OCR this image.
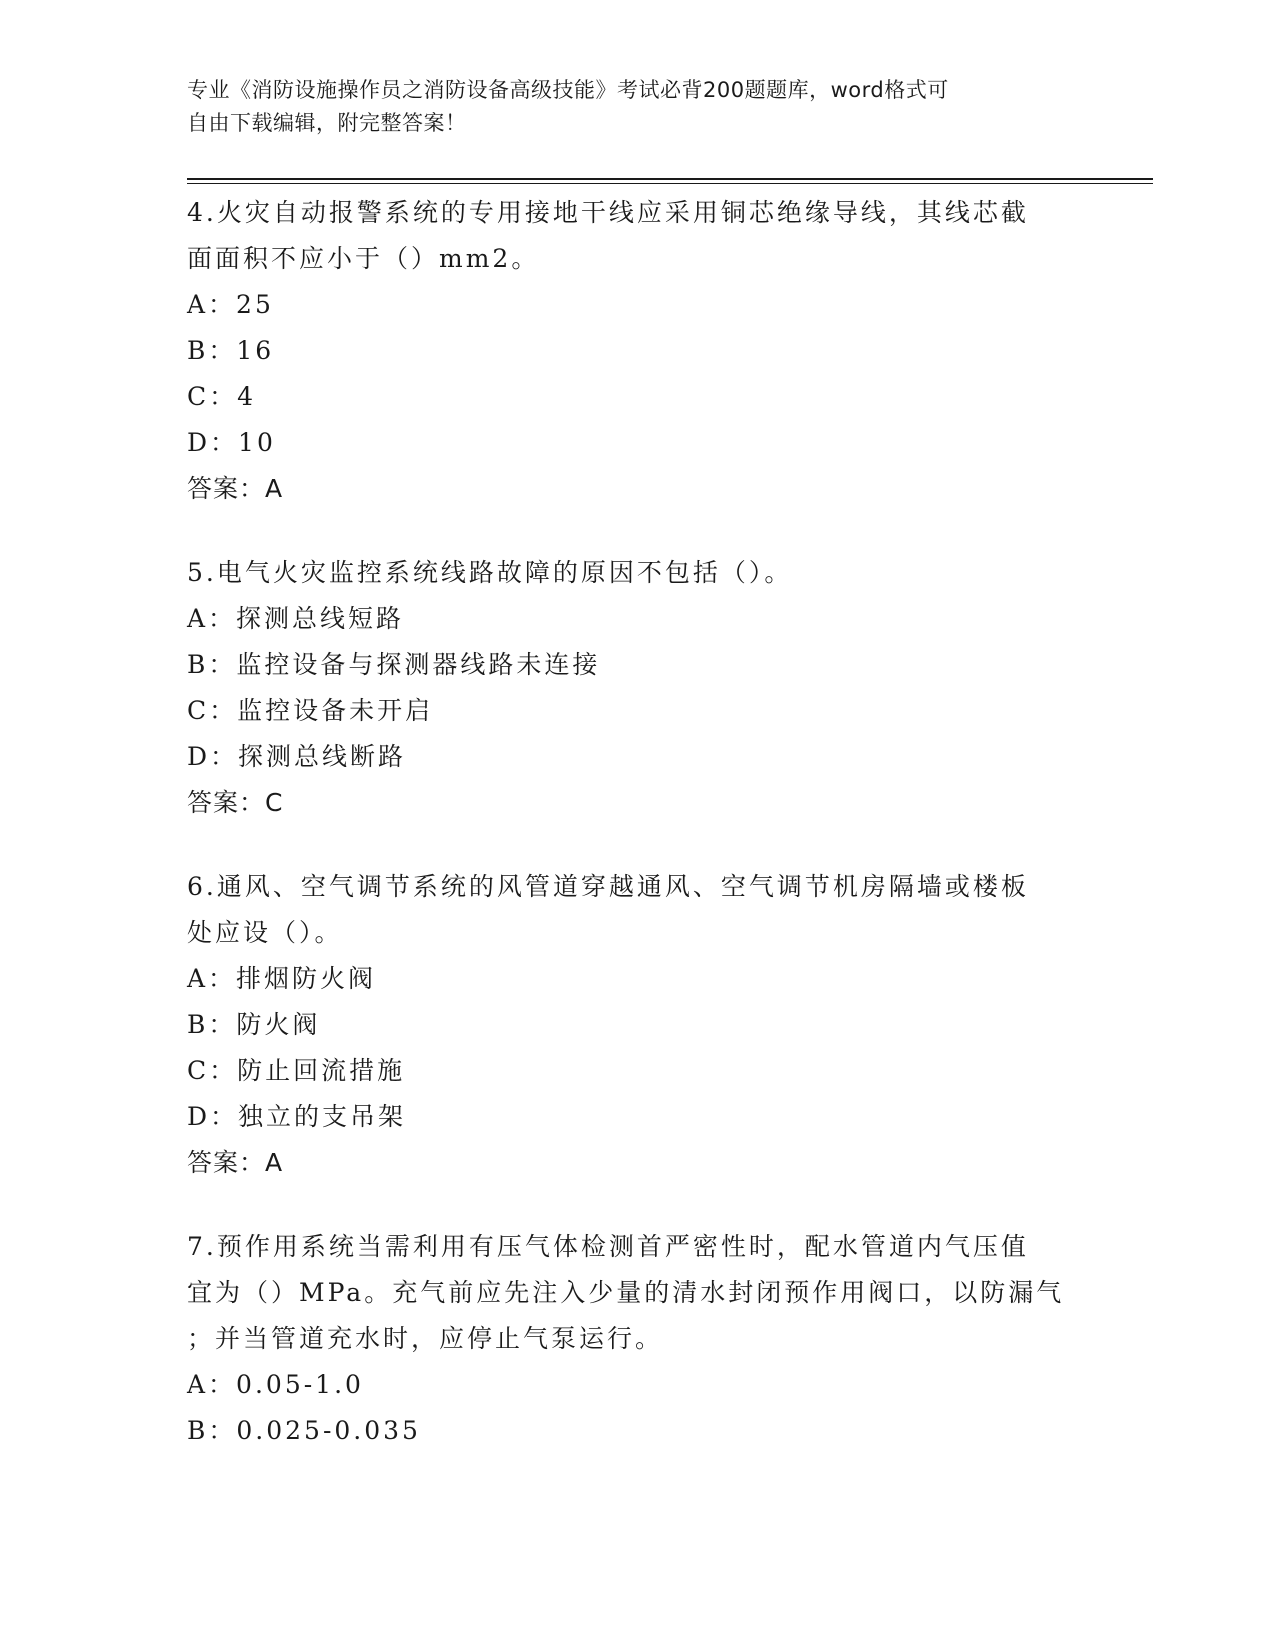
专业《消防设施操作员之消防设备高级技能》考试必背200题题库，word格式可
自由下载编辑，附完整答案！
4.火灾自动报警系统的专用接地干线应采用铜芯绝缘导线，其线芯截
面面积不应小于（）mm2。
A：25
B：16
C：4
D：10
答案：A
5.电气火灾监控系统线路故障的原因不包括（）。
A：探测总线短路
B：监控设备与探测器线路未连接
C：监控设备未开启
D：探测总线断路
答案：C
6.通风、空气调节系统的风管道穿越通风、空气调节机房隔墙或楼板
处应设（）。
A：排烟防火阀
B：防火阀
C：防止回流措施
D：独立的支吊架
答案：A
7.预作用系统当需利用有压气体检测首严密性时，配水管道内气压值
宜为（）MPa。充气前应先注入少量的清水封闭预作用阀口，以防漏气
；并当管道充水时，应停止气泵运行。
A：0.05-1.0
B：0.025-0.035
